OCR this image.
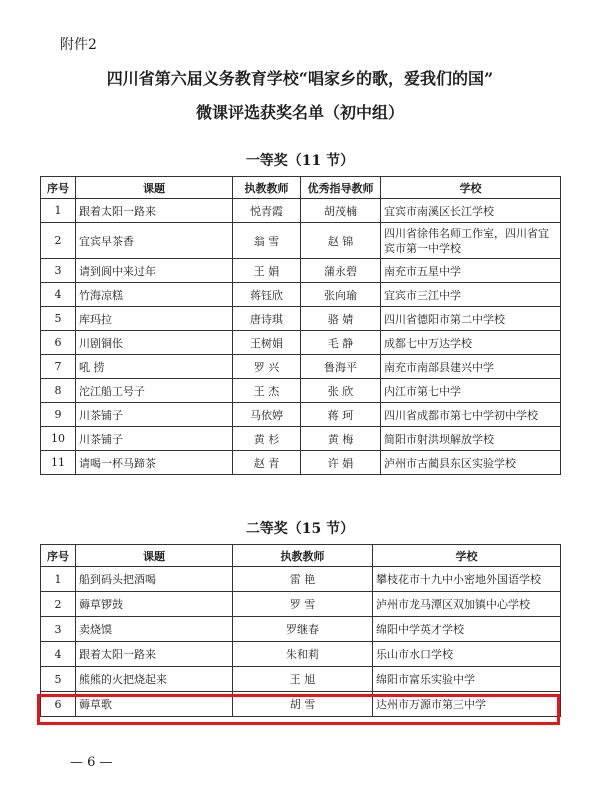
附件2
四川省第六届义务教育学校“唱家乡的歌，爱我们的国”
微课评选获奖名单（初中组）
一等奖（11 节）
序号	课题	执教教师	优秀指导教师	学校
1	跟着太阳一路来	悦青霞	胡茂楠	宜宾市南溪区长江学校
2	宜宾早茶香	翁 雪	赵 锦	四川省徐伟名师工作室，四川省宜宾市第一中学校
3	请到阆中来过年	王 娟	蒲永碧	南充市五星中学
4	竹海凉糕	蒋钰欣	张向瑜	宜宾市三江中学
5	库玛拉	唐诗琪	骆 婧	四川省德阳市第二中学校
6	川剧铜伥	王树娟	毛 静	成都七中万达学校
7	吼 捞	罗 兴	鲁海平	南充市南部县建兴中学
8	沱江船工号子	王 杰	张 欣	内江市第七中学
9	川茶铺子	马依婷	蒋 珂	四川省成都市第七中学初中学校
10	川茶铺子	黄 杉	黄 梅	简阳市射洪坝解放学校
11	请喝一杯马蹄茶	赵 青	许 娟	泸州市古蔺县东区实验学校
二等奖（15 节）
序号	课题	执教教师	学校
1	船到码头把酒喝	雷 艳	攀枝花市十九中小密地外国语学校
2	薅草锣鼓	罗 雪	泸州市龙马潭区双加镇中心学校
3	卖烧馍	罗继春	绵阳中学英才学校
4	跟着太阳一路来	朱和莉	乐山市水口学校
5	熊熊的火把烧起来	王 旭	绵阳市富乐实验中学
6	薅草歌	胡 雪	达州市万源市第三中学
— 6 —
